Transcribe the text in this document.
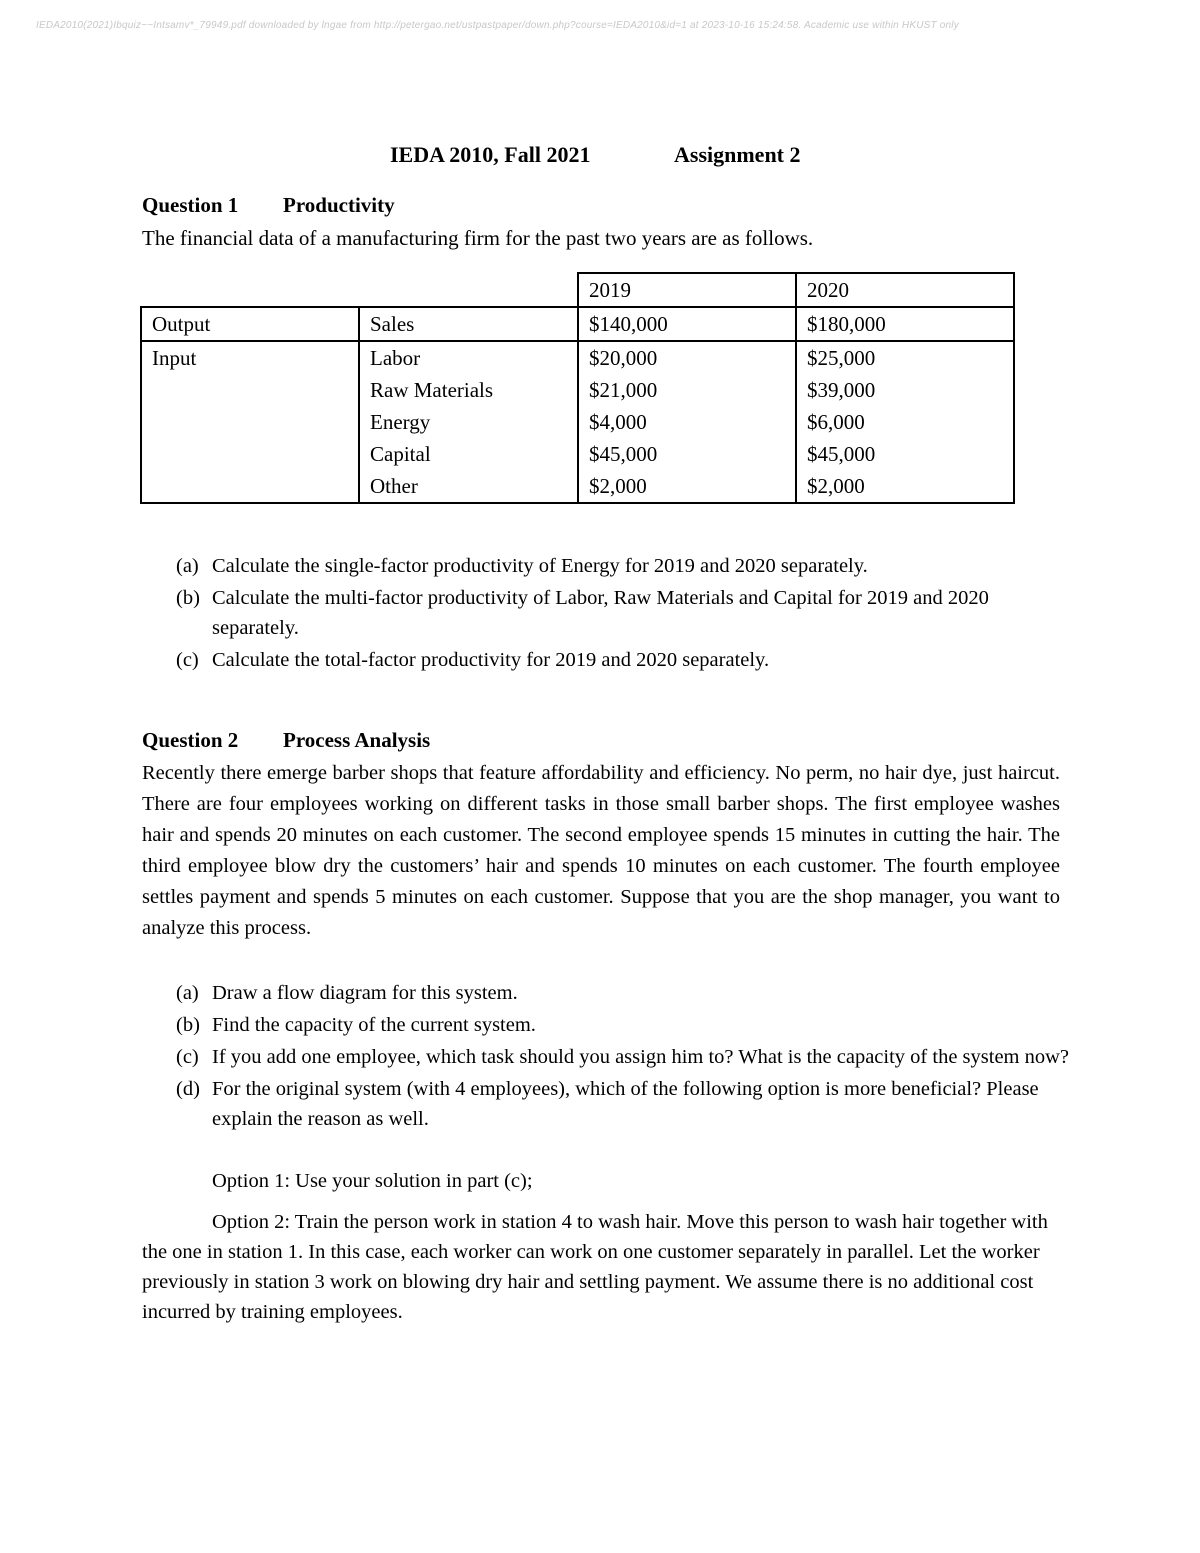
IEDA2010(2021)Ibquiz~~Intsamv*_79949.pdf downloaded by lngae from http://petergao.net/ustpastpaper/down.php?course=IEDA2010&id=1 at 2023-10-16 15:24:58. Academic use within HKUST only
IEDA 2010, Fall 2021	Assignment 2
Question 1 Productivity
The financial data of a manufacturing firm for the past two years are as follows.
		2019	2020
Output	Sales	$140,000	$180,000
Input	Labor	$20,000	$25,000
	Raw Materials	$21,000	$39,000
	Energy	$4,000	$6,000
	Capital	$45,000	$45,000
	Other	$2,000	$2,000
(a) Calculate the single-factor productivity of Energy for 2019 and 2020 separately.
(b) Calculate the multi-factor productivity of Labor, Raw Materials and Capital for 2019 and 2020 separately.
(c) Calculate the total-factor productivity for 2019 and 2020 separately.
Question 2 Process Analysis
Recently there emerge barber shops that feature affordability and efficiency. No perm, no hair dye, just haircut. There are four employees working on different tasks in those small barber shops. The first employee washes hair and spends 20 minutes on each customer. The second employee spends 15 minutes in cutting the hair. The third employee blow dry the customers’ hair and spends 10 minutes on each customer. The fourth employee settles payment and spends 5 minutes on each customer. Suppose that you are the shop manager, you want to analyze this process.
(a) Draw a flow diagram for this system.
(b) Find the capacity of the current system.
(c) If you add one employee, which task should you assign him to? What is the capacity of the system now?
(d) For the original system (with 4 employees), which of the following option is more beneficial? Please explain the reason as well.
Option 1: Use your solution in part (c);
Option 2: Train the person work in station 4 to wash hair. Move this person to wash hair together with the one in station 1. In this case, each worker can work on one customer separately in parallel. Let the worker previously in station 3 work on blowing dry hair and settling payment. We assume there is no additional cost incurred by training employees.
